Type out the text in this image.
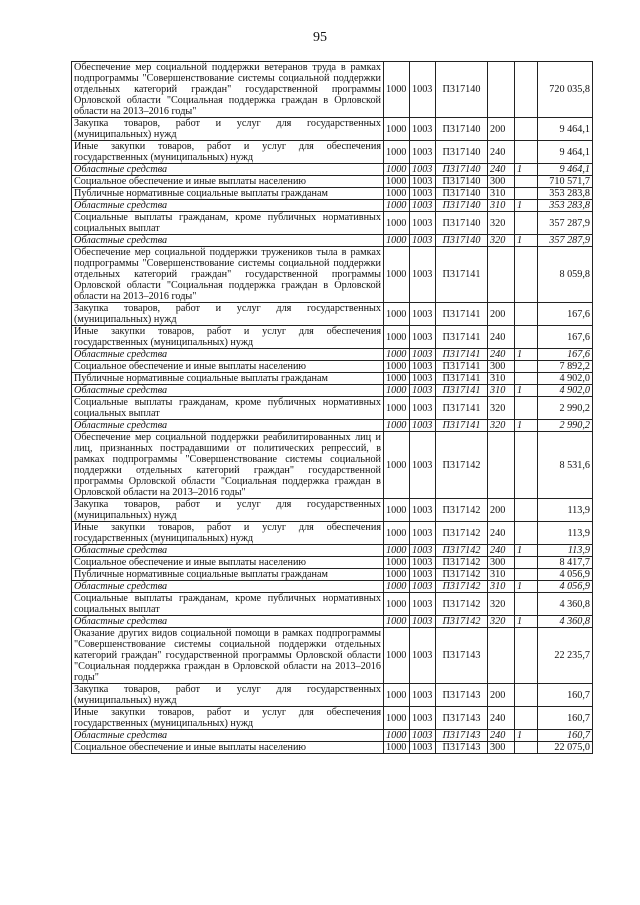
95
Обеспечение мер социальной поддержки ветеранов труда в рамках подпрограммы "Совершенствование системы социальной поддержки отдельных категорий граждан" государственной программы Орловской области "Социальная поддержка граждан в Орловской области на 2013–2016 годы"	1000	1003	П317140			720 035,8
Закупка товаров, работ и услуг для государственных (муниципальных) нужд	1000	1003	П317140	200		9 464,1
Иные закупки товаров, работ и услуг для обеспечения государственных (муниципальных) нужд	1000	1003	П317140	240		9 464,1
Областные средства	1000	1003	П317140	240	1	9 464,1
Социальное обеспечение и иные выплаты населению	1000	1003	П317140	300		710 571,7
Публичные нормативные социальные выплаты гражданам	1000	1003	П317140	310		353 283,8
Областные средства	1000	1003	П317140	310	1	353 283,8
Социальные выплаты гражданам, кроме публичных нормативных социальных выплат	1000	1003	П317140	320		357 287,9
Областные средства	1000	1003	П317140	320	1	357 287,9
Обеспечение мер социальной поддержки тружеников тыла в рамках подпрограммы "Совершенствование системы социальной поддержки отдельных категорий граждан" государственной программы Орловской области "Социальная поддержка граждан в Орловской области на 2013–2016 годы"	1000	1003	П317141			8 059,8
Закупка товаров, работ и услуг для государственных (муниципальных) нужд	1000	1003	П317141	200		167,6
Иные закупки товаров, работ и услуг для обеспечения государственных (муниципальных) нужд	1000	1003	П317141	240		167,6
Областные средства	1000	1003	П317141	240	1	167,6
Социальное обеспечение и иные выплаты населению	1000	1003	П317141	300		7 892,2
Публичные нормативные социальные выплаты гражданам	1000	1003	П317141	310		4 902,0
Областные средства	1000	1003	П317141	310	1	4 902,0
Социальные выплаты гражданам, кроме публичных нормативных социальных выплат	1000	1003	П317141	320		2 990,2
Областные средства	1000	1003	П317141	320	1	2 990,2
Обеспечение мер социальной поддержки реабилитированных лиц и лиц, признанных пострадавшими от политических репрессий, в рамках подпрограммы "Совершенствование системы социальной поддержки отдельных категорий граждан" государственной программы Орловской области "Социальная поддержка граждан в Орловской области на 2013–2016 годы"	1000	1003	П317142			8 531,6
Закупка товаров, работ и услуг для государственных (муниципальных) нужд	1000	1003	П317142	200		113,9
Иные закупки товаров, работ и услуг для обеспечения государственных (муниципальных) нужд	1000	1003	П317142	240		113,9
Областные средства	1000	1003	П317142	240	1	113,9
Социальное обеспечение и иные выплаты населению	1000	1003	П317142	300		8 417,7
Публичные нормативные социальные выплаты гражданам	1000	1003	П317142	310		4 056,9
Областные средства	1000	1003	П317142	310	1	4 056,9
Социальные выплаты гражданам, кроме публичных нормативных социальных выплат	1000	1003	П317142	320		4 360,8
Областные средства	1000	1003	П317142	320	1	4 360,8
Оказание других видов социальной помощи в рамках подпрограммы "Совершенствование системы социальной поддержки отдельных категорий граждан" государственной программы Орловской области "Социальная поддержка граждан в Орловской области на 2013–2016 годы"	1000	1003	П317143			22 235,7
Закупка товаров, работ и услуг для государственных (муниципальных) нужд	1000	1003	П317143	200		160,7
Иные закупки товаров, работ и услуг для обеспечения государственных (муниципальных) нужд	1000	1003	П317143	240		160,7
Областные средства	1000	1003	П317143	240	1	160,7
Социальное обеспечение и иные выплаты населению	1000	1003	П317143	300		22 075,0
